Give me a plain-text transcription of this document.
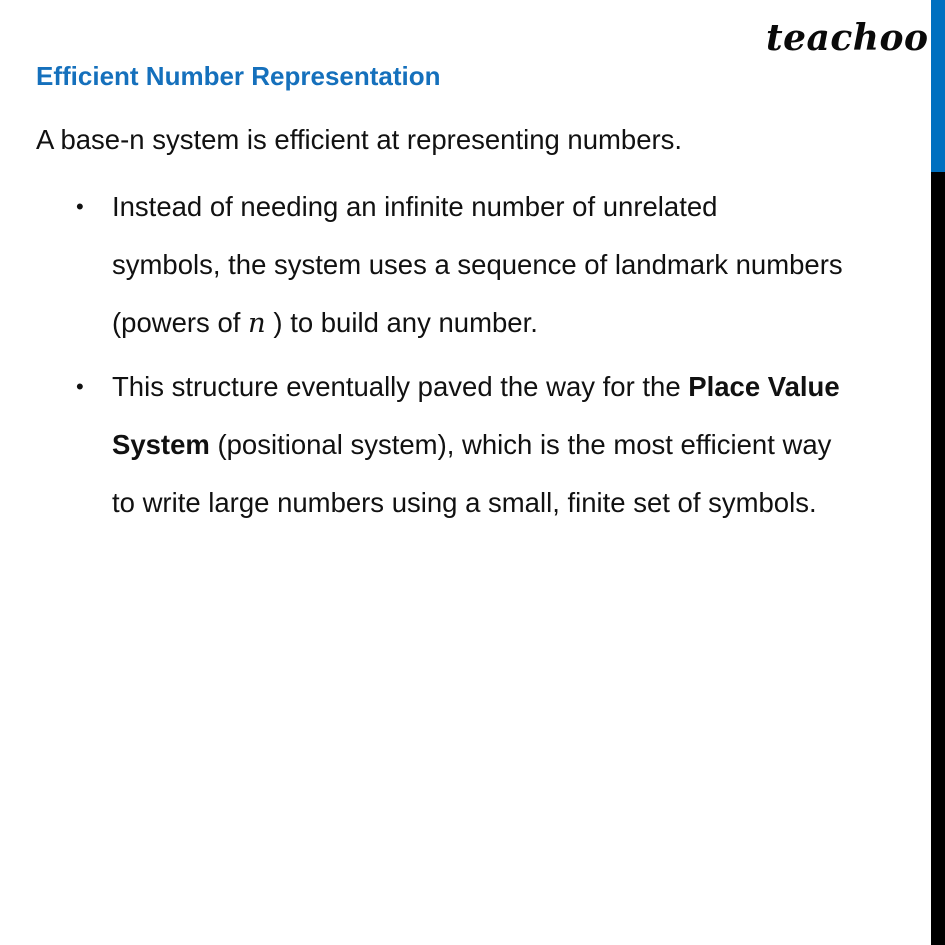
teachoo
Efficient Number Representation
A base-n system is efficient at representing numbers.
• Instead of needing an infinite number of unrelated
symbols, the system uses a sequence of landmark numbers
(powers of n ) to build any number.
• This structure eventually paved the way for the Place Value
System (positional system), which is the most efficient way
to write large numbers using a small, finite set of symbols.
